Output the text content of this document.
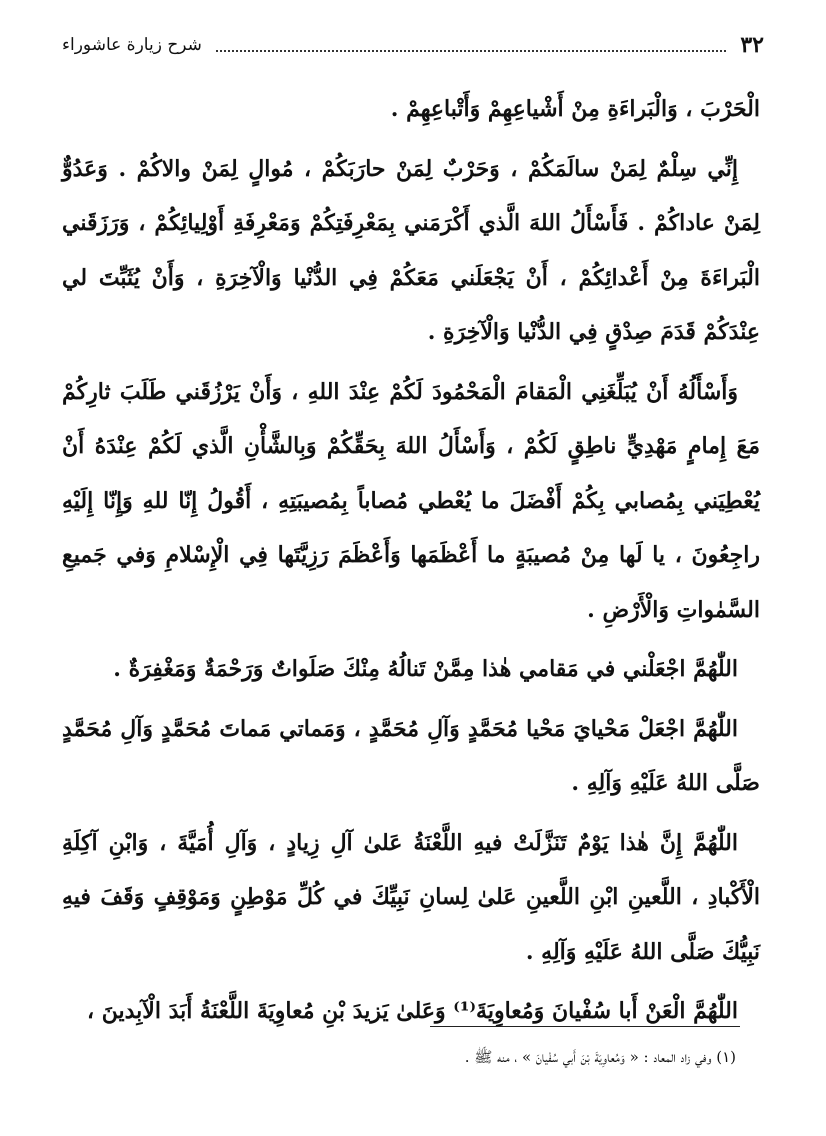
٣٢
شرح زيارة عاشوراء

الْحَرْبَ ، وَالْبَراءَةِ مِنْ أَشْياعِهِمْ وَأَتْباعِهِمْ .

إِنِّي سِلْمٌ لِمَنْ سالَمَكُمْ ، وَحَرْبٌ لِمَنْ حارَبَكُمْ ، مُوالٍ لِمَنْ والاكُمْ . وَعَدُوٌّ لِمَنْ عاداكُمْ . فَأَسْأَلُ اللهَ الَّذي أَكْرَمَني بِمَعْرِفَتِكُمْ وَمَعْرِفَةِ أَوْلِيائِكُمْ ، وَرَزَقَني الْبَراءَةَ مِنْ أَعْدائِكُمْ ، أَنْ يَجْعَلَني مَعَكُمْ فِي الدُّنْيا وَالْآخِرَةِ ، وَأَنْ يُثَبِّتَ لي عِنْدَكُمْ قَدَمَ صِدْقٍ فِي الدُّنْيا وَالْآخِرَةِ .

وَأَسْأَلُهُ أَنْ يُبَلِّغَنِي الْمَقامَ الْمَحْمُودَ لَكُمْ عِنْدَ اللهِ ، وَأَنْ يَرْزُقَني طَلَبَ ثارِكُمْ مَعَ إِمامٍ مَهْدِيٍّ ناطِقٍ لَكُمْ ، وَأَسْأَلُ اللهَ بِحَقِّكُمْ وَبِالشَّأْنِ الَّذي لَكُمْ عِنْدَهُ أَنْ يُعْطِيَني بِمُصابي بِكُمْ أَفْضَلَ ما يُعْطي مُصاباً بِمُصيبَتِهِ ، أَقُولُ إِنّا للهِ وَإِنّا إِلَيْهِ راجِعُونَ ، يا لَها مِنْ مُصيبَةٍ ما أَعْظَمَها وَأَعْظَمَ رَزِيَّتَها فِي الْإِسْلامِ وَفي جَميعِ السَّمٰواتِ وَالْأَرْضِ .

اللّٰهُمَّ اجْعَلْني في مَقامي هٰذا مِمَّنْ تَنالُهُ مِنْكَ صَلَواتٌ وَرَحْمَةٌ وَمَغْفِرَةٌ .

اللّٰهُمَّ اجْعَلْ مَحْيايَ مَحْيا مُحَمَّدٍ وَآلِ مُحَمَّدٍ ، وَمَماتي مَماتَ مُحَمَّدٍ وَآلِ مُحَمَّدٍ صَلَّى اللهُ عَلَيْهِ وَآلِهِ .

اللّٰهُمَّ إِنَّ هٰذا يَوْمٌ تَنَزَّلَتْ فيهِ اللَّعْنَةُ عَلىٰ آلِ زِيادٍ ، وَآلِ أُمَيَّةَ ، وَابْنِ آكِلَةِ الْأَكْبادِ ، اللَّعينِ ابْنِ اللَّعينِ عَلىٰ لِسانِ نَبِيِّكَ في كُلِّ مَوْطِنٍ وَمَوْقِفٍ وَقَفَ فيهِ نَبِيُّكَ صَلَّى اللهُ عَلَيْهِ وَآلِهِ .

اللّٰهُمَّ الْعَنْ أَبا سُفْيانَ وَمُعاوِيَةَ⁽¹⁾ وَعَلىٰ يَزيدَ بْنِ مُعاوِيَةَ اللَّعْنَةُ أَبَدَ الْآبِدينَ ،

(١) وفي زاد المعاد : « وَمُعاوِيَةَ بْنَ أَبي سُفْيانَ » ، منه ﷺ .
